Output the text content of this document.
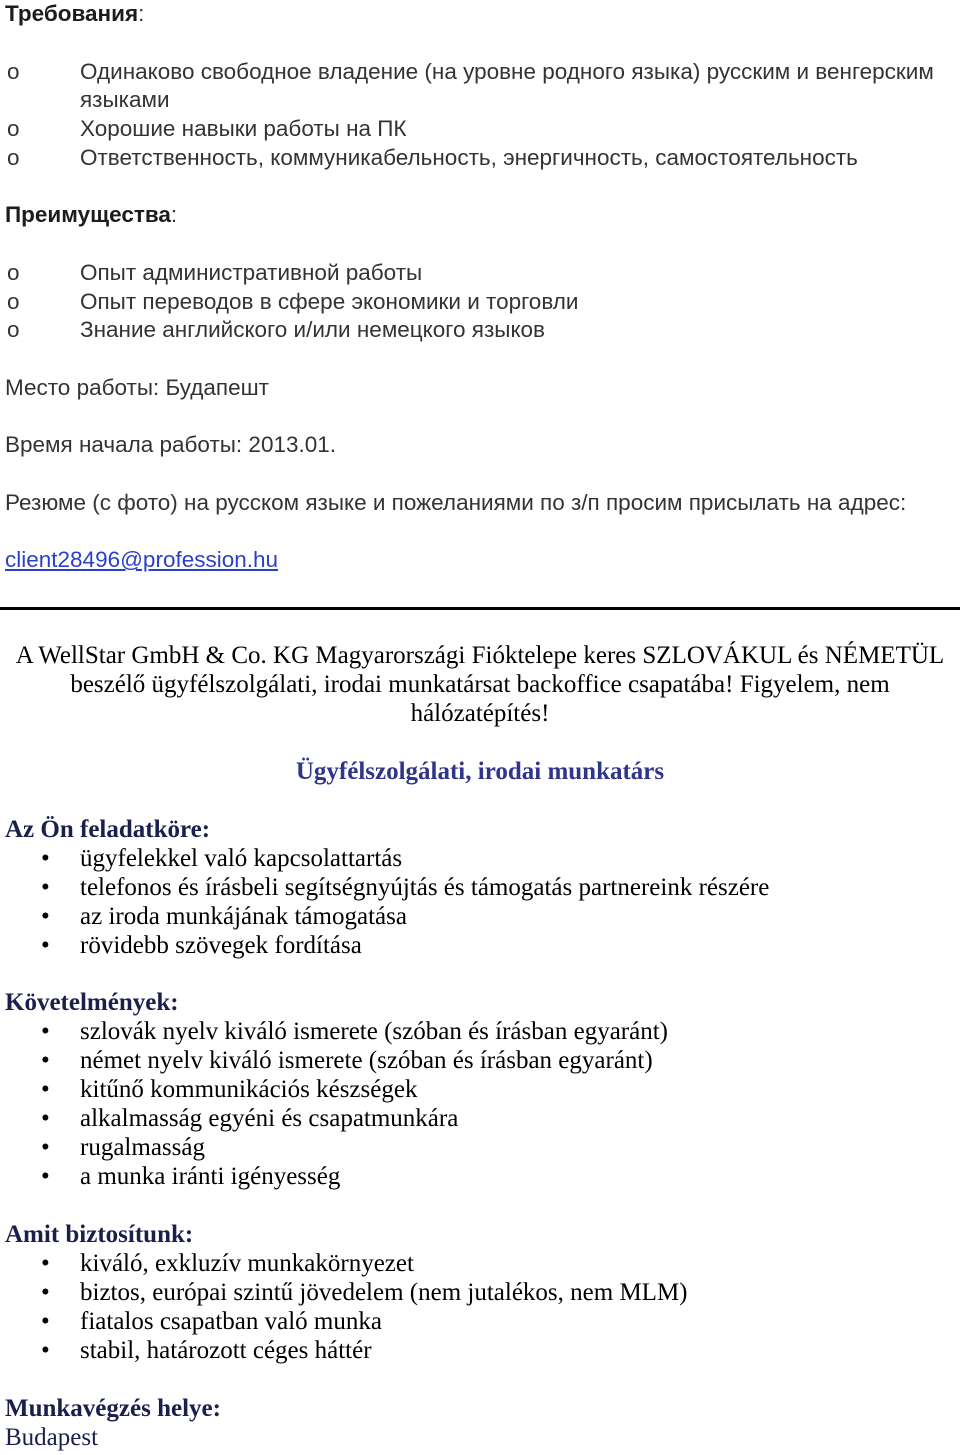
Требования:
o	Одинаково свободное владение (на уровне родного языка) русским и венгерским языками
o	Хорошие навыки работы на ПК
o	Ответственность, коммуникабельность, энергичность, самостоятельность
Преимущества:
o	Опыт административной работы
o	Опыт переводов в сфере экономики и торговли
o	Знание английского и/или немецкого языков
Место работы: Будапешт
Время начала работы: 2013.01.
Резюме (с фото) на русском языке и пожеланиями по з/п просим присылать на адрес:
client28496@profession.hu
A WellStar GmbH & Co. KG Magyarországi Fióktelepe keres SZLOVÁKUL és NÉMETÜL beszélő ügyfélszolgálati, irodai munkatársat backoffice csapatába! Figyelem, nem hálózatépítés!
Ügyfélszolgálati, irodai munkatárs
Az Ön feladatköre:
• ügyfelekkel való kapcsolattartás
• telefonos és írásbeli segítségnyújtás és támogatás partnereink részére
• az iroda munkájának támogatása
• rövidebb szövegek fordítása
Követelmények:
• szlovák nyelv kiváló ismerete (szóban és írásban egyaránt)
• német nyelv kiváló ismerete (szóban és írásban egyaránt)
• kitűnő kommunikációs készségek
• alkalmasság egyéni és csapatmunkára
• rugalmasság
• a munka iránti igényesség
Amit biztosítunk:
• kiváló, exkluzív munkakörnyezet
• biztos, európai szintű jövedelem (nem jutalékos, nem MLM)
• fiatalos csapatban való munka
• stabil, határozott céges háttér
Munkavégzés helye:
Budapest
